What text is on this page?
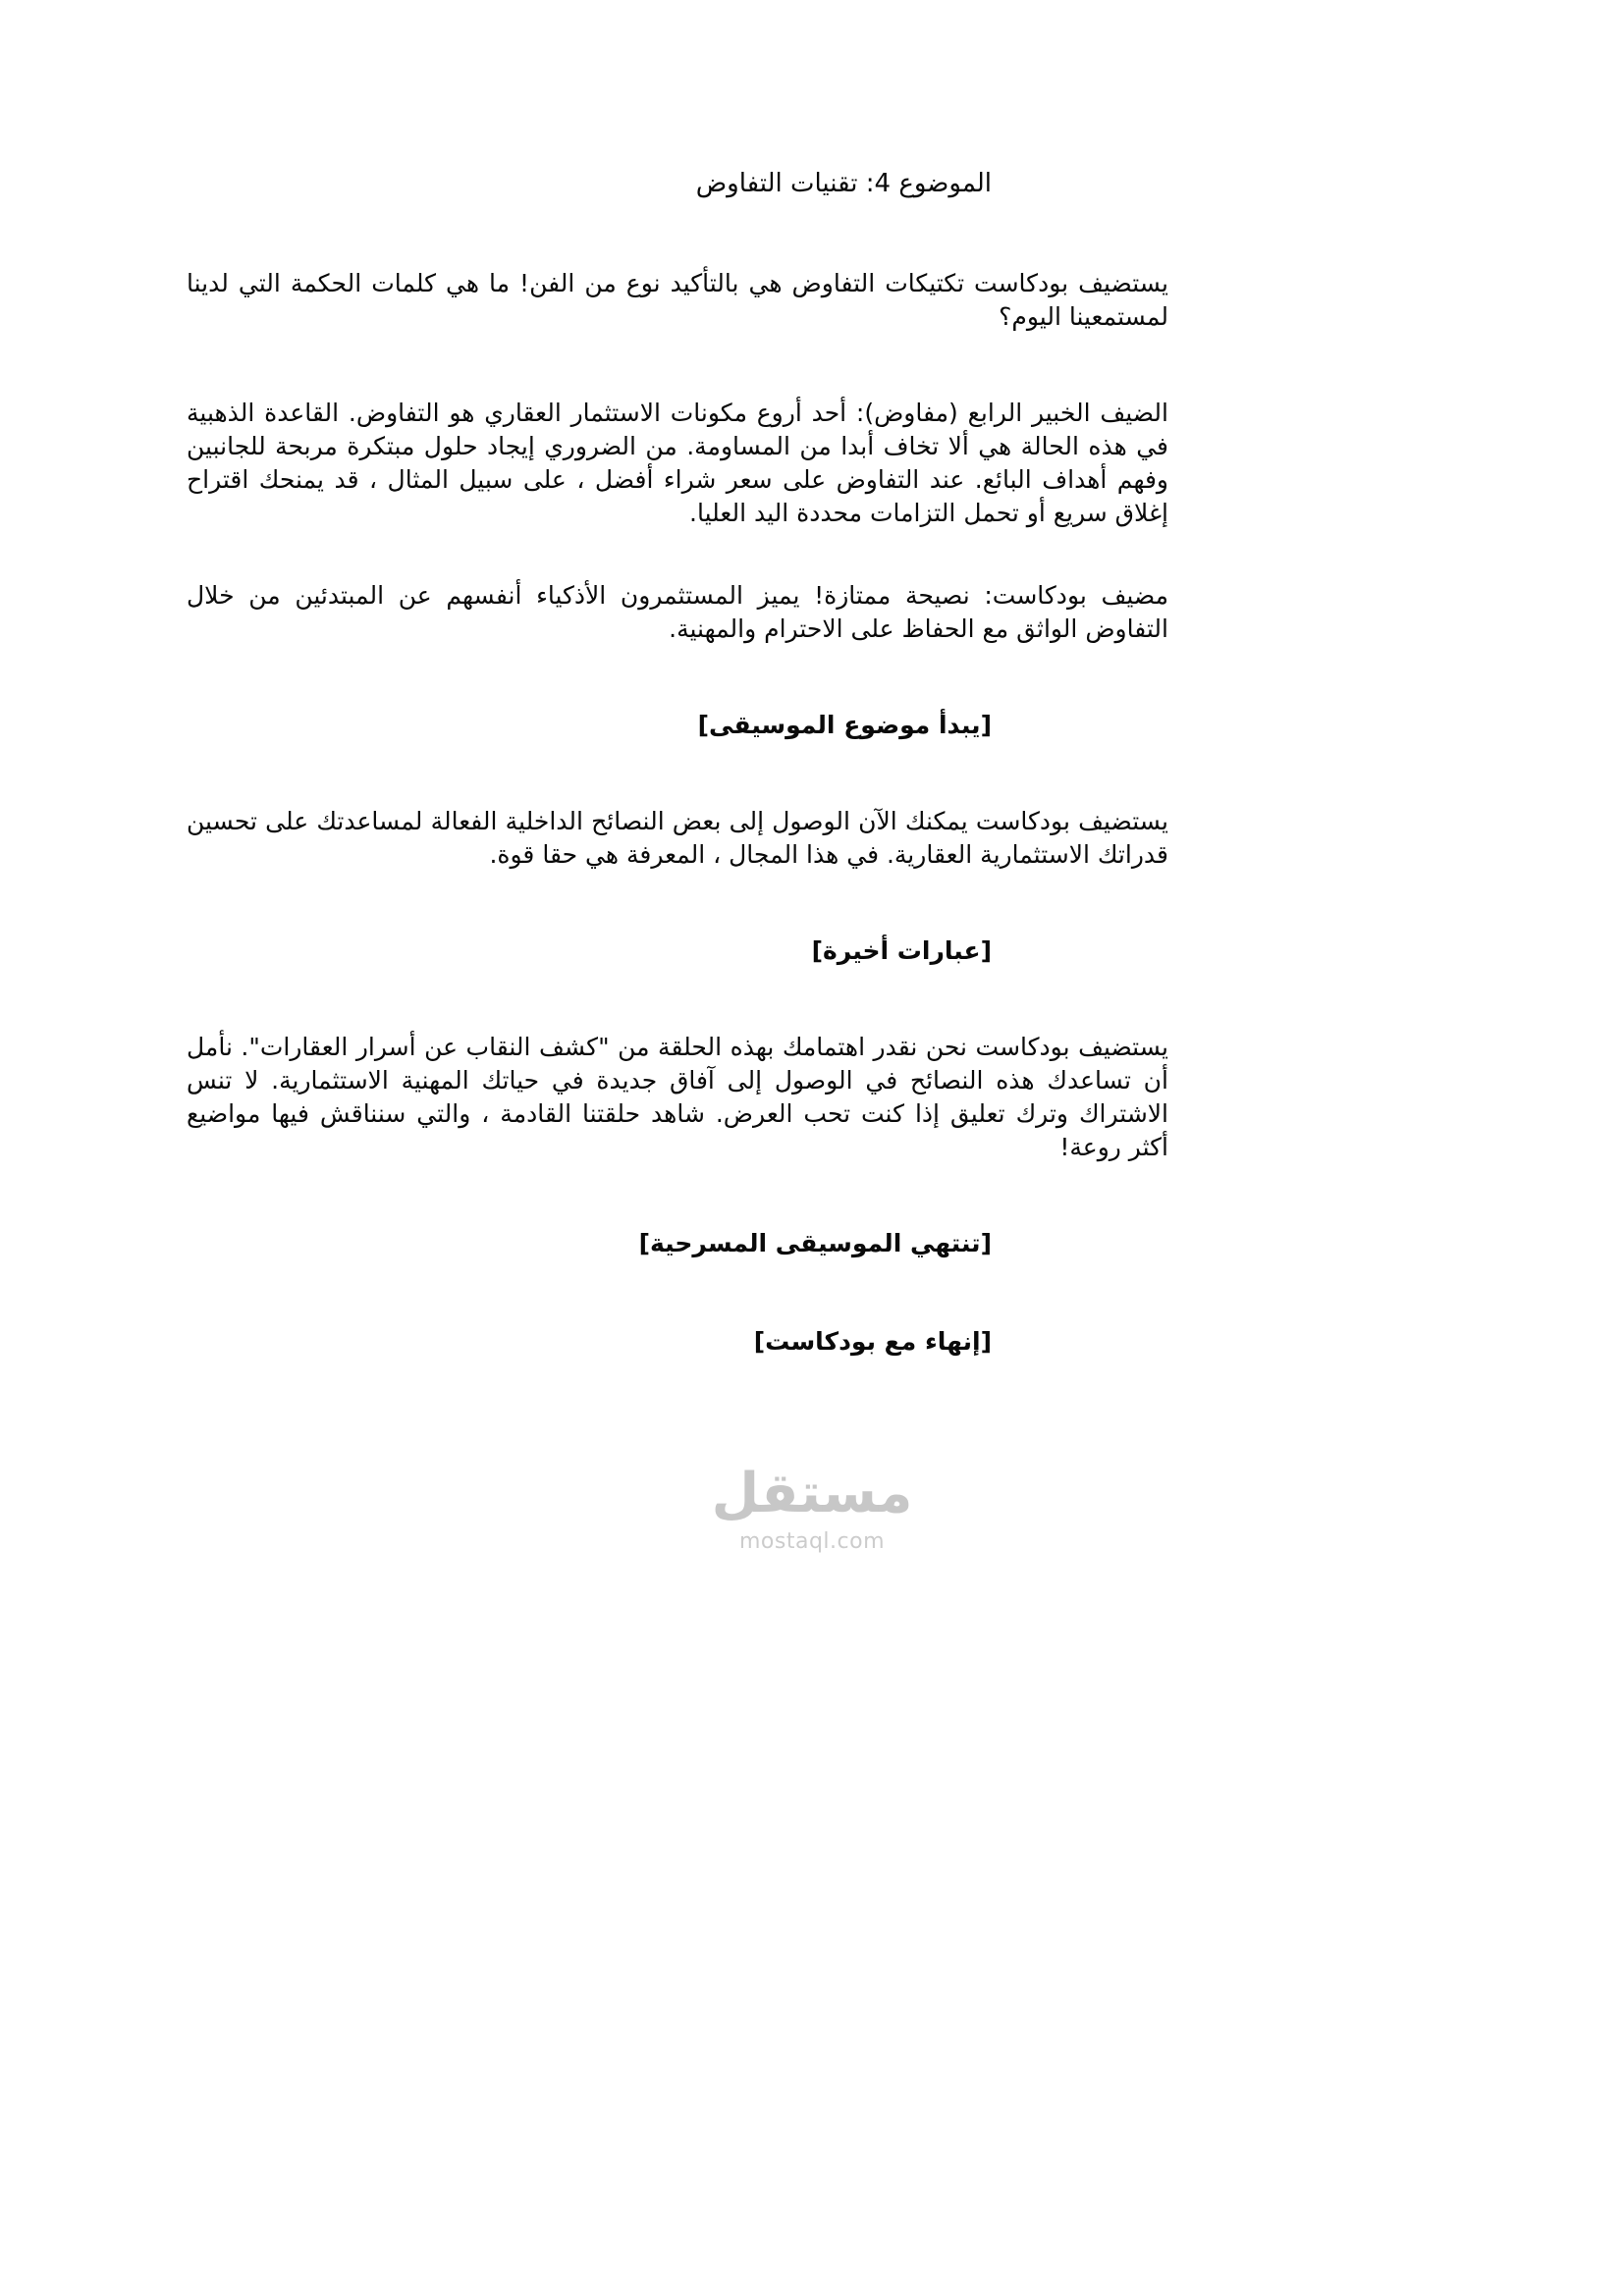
الموضوع 4: تقنيات التفاوض

يستضيف بودكاست تكتيكات التفاوض هي بالتأكيد نوع من الفن! ما هي كلمات الحكمة التي لدينا لمستمعينا اليوم؟

الضيف الخبير الرابع (مفاوض): أحد أروع مكونات الاستثمار العقاري هو التفاوض. القاعدة الذهبية في هذه الحالة هي ألا تخاف أبدا من المساومة. من الضروري إيجاد حلول مبتكرة مربحة للجانبين وفهم أهداف البائع. عند التفاوض على سعر شراء أفضل ، على سبيل المثال ، قد يمنحك اقتراح إغلاق سريع أو تحمل التزامات محددة اليد العليا.

مضيف بودكاست: نصيحة ممتازة! يميز المستثمرون الأذكياء أنفسهم عن المبتدئين من خلال التفاوض الواثق مع الحفاظ على الاحترام والمهنية.

[يبدأ موضوع الموسيقى]

يستضيف بودكاست يمكنك الآن الوصول إلى بعض النصائح الداخلية الفعالة لمساعدتك على تحسين قدراتك الاستثمارية العقارية. في هذا المجال ، المعرفة هي حقا قوة.

[عبارات أخيرة]

يستضيف بودكاست نحن نقدر اهتمامك بهذه الحلقة من "كشف النقاب عن أسرار العقارات". نأمل أن تساعدك هذه النصائح في الوصول إلى آفاق جديدة في حياتك المهنية الاستثمارية. لا تنس الاشتراك وترك تعليق إذا كنت تحب العرض. شاهد حلقتنا القادمة ، والتي سنناقش فيها مواضيع أكثر روعة!

[تنتهي الموسيقى المسرحية]

[إنهاء مع بودكاست]

مستقل
mostaql.com
